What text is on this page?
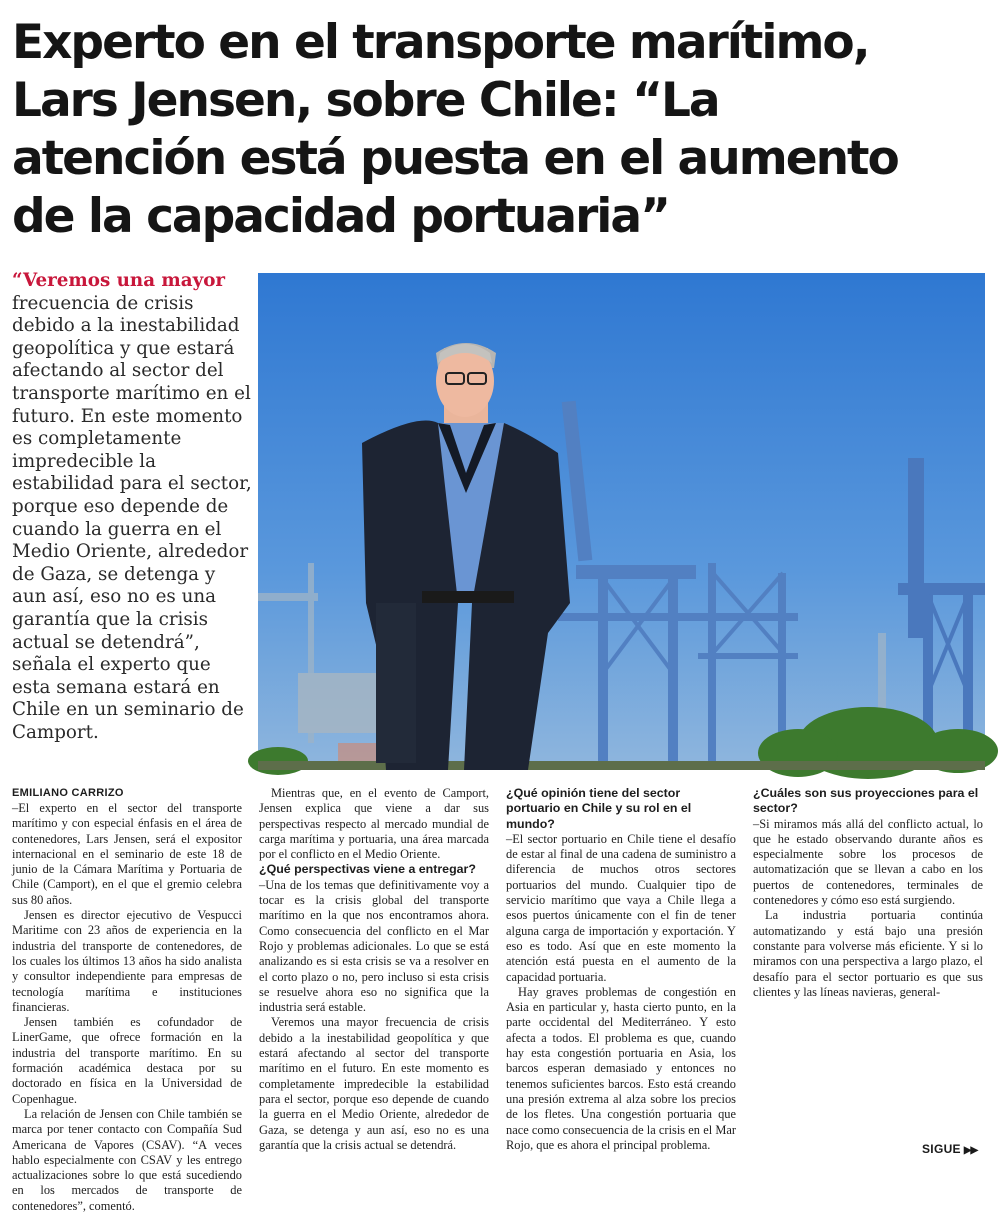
Experto en el transporte marítimo,
Lars Jensen, sobre Chile: “La
atención está puesta en el aumento
de la capacidad portuaria”
“Veremos una mayor frecuencia de crisis debido a la inestabilidad geopolítica y que estará afectando al sector del transporte marítimo en el futuro. En este momento es completamente impredecible la estabilidad para el sector, porque eso depende de cuando la guerra en el Medio Oriente, alrededor de Gaza, se detenga y aun así, eso no es una garantía que la crisis actual se detendrá”, señala el experto que esta semana estará en Chile en un seminario de Camport.

EMILIANO CARRIZO

–El experto en el sector del transporte marítimo y con especial énfasis en el área de contenedores, Lars Jensen, será el expositor internacional en el seminario de este 18 de junio de la Cámara Marítima y Portuaria de Chile (Camport), en el que el gremio celebra sus 80 años.

Jensen es director ejecutivo de Vespucci Maritime con 23 años de experiencia en la industria del transporte de contenedores, de los cuales los últimos 13 años ha sido analista y consultor independiente para empresas de tecnología marítima e instituciones financieras.

Jensen también es cofundador de LinerGame, que ofrece formación en la industria del transporte marítimo. En su formación académica destaca por su doctorado en física en la Universidad de Copenhague.

La relación de Jensen con Chile también se marca por tener contacto con Compañía Sud Americana de Vapores (CSAV). “A veces hablo especialmente con CSAV y les entrego actualizaciones sobre lo que está sucediendo en los mercados de transporte de contenedores”, comentó.

Mientras que, en el evento de Camport, Jensen explica que viene a dar sus perspectivas respecto al mercado mundial de carga marítima y portuaria, una área marcada por el conflicto en el Medio Oriente.

¿Qué perspectivas viene a entregar?

–Una de los temas que definitivamente voy a tocar es la crisis global del transporte marítimo en la que nos encontramos ahora. Como consecuencia del conflicto en el Mar Rojo y problemas adicionales. Lo que se está analizando es si esta crisis se va a resolver en el corto plazo o no, pero incluso si esta crisis se resuelve ahora eso no significa que la industria será estable.

Veremos una mayor frecuencia de crisis debido a la inestabilidad geopolítica y que estará afectando al sector del transporte marítimo en el futuro. En este momento es completamente impredecible la estabilidad para el sector, porque eso depende de cuando la guerra en el Medio Oriente, alrededor de Gaza, se detenga y aun así, eso no es una garantía que la crisis actual se detendrá.

¿Qué opinión tiene del sector portuario en Chile y su rol en el mundo?

–El sector portuario en Chile tiene el desafío de estar al final de una cadena de suministro a diferencia de muchos otros sectores portuarios del mundo. Cualquier tipo de servicio marítimo que vaya a Chile llega a esos puertos únicamente con el fin de tener alguna carga de importación y exportación. Y eso es todo. Así que en este momento la atención está puesta en el aumento de la capacidad portuaria.

Hay graves problemas de congestión en Asia en particular y, hasta cierto punto, en la parte occidental del Mediterráneo. Y esto afecta a todos. El problema es que, cuando hay esta congestión portuaria en Asia, los barcos esperan demasiado y entonces no tenemos suficientes barcos. Esto está creando una presión extrema al alza sobre los precios de los fletes. Una congestión portuaria que nace como consecuencia de la crisis en el Mar Rojo, que es ahora el principal problema.

¿Cuáles son sus proyecciones para el sector?

–Si miramos más allá del conflicto actual, lo que he estado observando durante años es especialmente sobre los procesos de automatización que se llevan a cabo en los puertos de contenedores, terminales de contenedores y cómo eso está surgiendo.

La industria portuaria continúa automatizando y está bajo una presión constante para volverse más eficiente. Y si lo miramos con una perspectiva a largo plazo, el desafío para el sector portuario es que sus clientes y las líneas navieras, general-

SIGUE ▶▶
